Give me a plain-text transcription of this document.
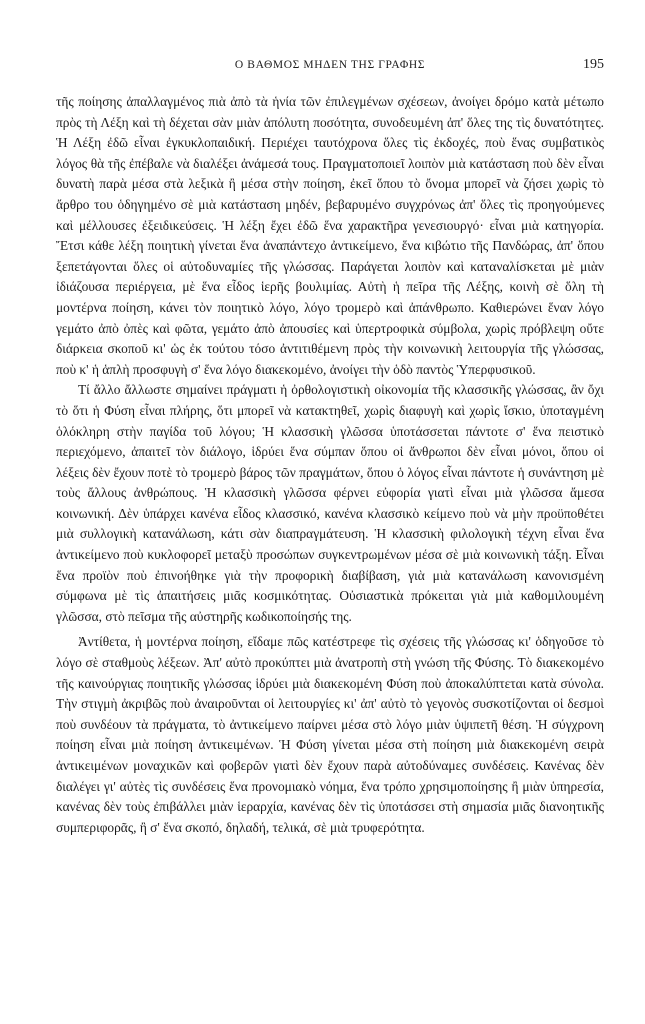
Ο ΒΑΘΜΟΣ ΜΗΔΕΝ ΤΗΣ ΓΡΑΦΗΣ	195

τῆς ποίησης ἀπαλλαγμένος πιὰ ἀπὸ τὰ ἡνία τῶν ἐπιλεγμένων σχέσεων, ἀνοίγει δρόμο κατὰ μέτωπο πρὸς τὴ Λέξη καὶ τὴ δέχεται σὰν μιὰν ἀπόλυτη ποσότητα, συνοδευμένη ἀπ' ὅλες της τὶς δυνατότητες. Ἡ Λέξη ἐδῶ εἶναι ἐγκυκλοπαιδική. Περιέχει ταυτόχρονα ὅλες τὶς ἐκδοχές, ποὺ ἕνας συμβατικὸς λόγος θὰ τῆς ἐπέβαλε νὰ διαλέξει ἀνάμεσά τους. Πραγματοποιεῖ λοιπὸν μιὰ κατάσταση ποὺ δὲν εἶναι δυνατὴ παρὰ μέσα στὰ λεξικὰ ἢ μέσα στὴν ποίηση, ἐκεῖ ὅπου τὸ ὄνομα μπορεῖ νὰ ζήσει χωρὶς τὸ ἄρθρο του ὁδηγημένο σὲ μιὰ κατάσταση μηδέν, βεβαρυμένο συγχρόνως ἀπ' ὅλες τὶς προηγούμενες καὶ μέλλουσες ἐξειδικεύσεις. Ἡ λέξη ἔχει ἐδῶ ἕνα χαρακτῆρα γενεσιουργό· εἶναι μιὰ κατηγορία. Ἔτσι κάθε λέξη ποιητικὴ γίνεται ἕνα ἀναπάντεχο ἀντικείμενο, ἕνα κιβώτιο τῆς Πανδώρας, ἀπ' ὅπου ξεπετάγονται ὅλες οἱ αὐτοδυναμίες τῆς γλώσσας. Παράγεται λοιπὸν καὶ καταναλίσκεται μὲ μιὰν ἰδιάζουσα περιέργεια, μὲ ἕνα εἶδος ἱερῆς βουλιμίας. Αὐτὴ ἡ πεῖρα τῆς Λέξης, κοινὴ σὲ ὅλη τὴ μοντέρνα ποίηση, κάνει τὸν ποιητικὸ λόγο, λόγο τρομερὸ καὶ ἀπάνθρωπο. Καθιερώνει ἕναν λόγο γεμάτο ἀπὸ ὀπὲς καὶ φῶτα, γεμάτο ἀπὸ ἀπουσίες καὶ ὑπερτροφικὰ σύμβολα, χωρὶς πρόβλεψη οὔτε διάρκεια σκοποῦ κι' ὡς ἐκ τούτου τόσο ἀντιτιθέμενη πρὸς τὴν κοινωνικὴ λειτουργία τῆς γλώσσας, ποὺ κ' ἡ ἁπλὴ προσφυγὴ σ' ἕνα λόγο διακεκομένο, ἀνοίγει τὴν ὁδὸ παντὸς Ὑπερφυσικοῦ.

Τί ἄλλο ἄλλωστε σημαίνει πράγματι ἡ ὀρθολογιστικὴ οἰκονομία τῆς κλασσικῆς γλώσσας, ἂν ὄχι τὸ ὅτι ἡ Φύση εἶναι πλήρης, ὅτι μπορεῖ νὰ κατακτηθεῖ, χωρὶς διαφυγὴ καὶ χωρὶς ἴσκιο, ὑποταγμένη ὁλόκληρη στὴν παγίδα τοῦ λόγου; Ἡ κλασσικὴ γλῶσσα ὑποτάσσεται πάντοτε σ' ἕνα πειστικὸ περιεχόμενο, ἀπαιτεῖ τὸν διάλογο, ἱδρύει ἕνα σύμπαν ὅπου οἱ ἄνθρωποι δὲν εἶναι μόνοι, ὅπου οἱ λέξεις δὲν ἔχουν ποτὲ τὸ τρομερὸ βάρος τῶν πραγμάτων, ὅπου ὁ λόγος εἶναι πάντοτε ἡ συνάντηση μὲ τοὺς ἄλλους ἀνθρώπους. Ἡ κλασσικὴ γλῶσσα φέρνει εὐφορία γιατὶ εἶναι μιὰ γλῶσσα ἄμεσα κοινωνική. Δὲν ὑπάρχει κανένα εἶδος κλασσικό, κανένα κλασσικὸ κείμενο ποὺ νὰ μὴν προϋποθέτει μιὰ συλλογικὴ κατανάλωση, κάτι σὰν διαπραγμάτευση. Ἡ κλασσικὴ φιλολογικὴ τέχνη εἶναι ἕνα ἀντικείμενο ποὺ κυκλοφορεῖ μεταξὺ προσώπων συγκεντρωμένων μέσα σὲ μιὰ κοινωνικὴ τάξη. Εἶναι ἕνα προϊὸν ποὺ ἐπινοήθηκε γιὰ τὴν προφορικὴ διαβίβαση, γιὰ μιὰ κατανάλωση κανονισμένη σύμφωνα μὲ τὶς ἀπαιτήσεις μιᾶς κοσμικότητας. Οὐσιαστικὰ πρόκειται γιὰ μιὰ καθομιλουμένη γλῶσσα, στὸ πεῖσμα τῆς αὐστηρῆς κωδικοποίησής της.

Ἀντίθετα, ἡ μοντέρνα ποίηση, εἴδαμε πῶς κατέστρεφε τὶς σχέσεις τῆς γλώσσας κι' ὁδηγοῦσε τὸ λόγο σὲ σταθμοὺς λέξεων. Ἀπ' αὐτὸ προκύπτει μιὰ ἀνατροπὴ στὴ γνώση τῆς Φύσης. Τὸ διακεκομένο τῆς καινούργιας ποιητικῆς γλώσσας ἱδρύει μιὰ διακεκομένη Φύση ποὺ ἀποκαλύπτεται κατὰ σύνολα. Τὴν στιγμὴ ἀκριβῶς ποὺ ἀναιροῦνται οἱ λειτουργίες κι' ἀπ' αὐτὸ τὸ γεγονὸς συσκοτίζονται οἱ δεσμοὶ ποὺ συνδέουν τὰ πράγματα, τὸ ἀντικείμενο παίρνει μέσα στὸ λόγο μιὰν ὑψιπετῆ θέση. Ἡ σύγχρονη ποίηση εἶναι μιὰ ποίηση ἀντικειμένων. Ἡ Φύση γίνεται μέσα στὴ ποίηση μιὰ διακεκομένη σειρὰ ἀντικειμένων μοναχικῶν καὶ φοβερῶν γιατὶ δὲν ἔχουν παρὰ αὐτοδύναμες συνδέσεις. Κανένας δὲν διαλέγει γι' αὐτὲς τὶς συνδέσεις ἕνα προνομιακὸ νόημα, ἕνα τρόπο χρησιμοποίησης ἢ μιὰν ὑπηρεσία, κανένας δὲν τοὺς ἐπιβάλλει μιὰν ἱεραρχία, κανένας δὲν τὶς ὑποτάσσει στὴ σημασία μιᾶς διανοητικῆς συμπεριφορᾶς, ἢ σ' ἕνα σκοπό, δηλαδή, τελικά, σὲ μιὰ τρυφερότητα.
